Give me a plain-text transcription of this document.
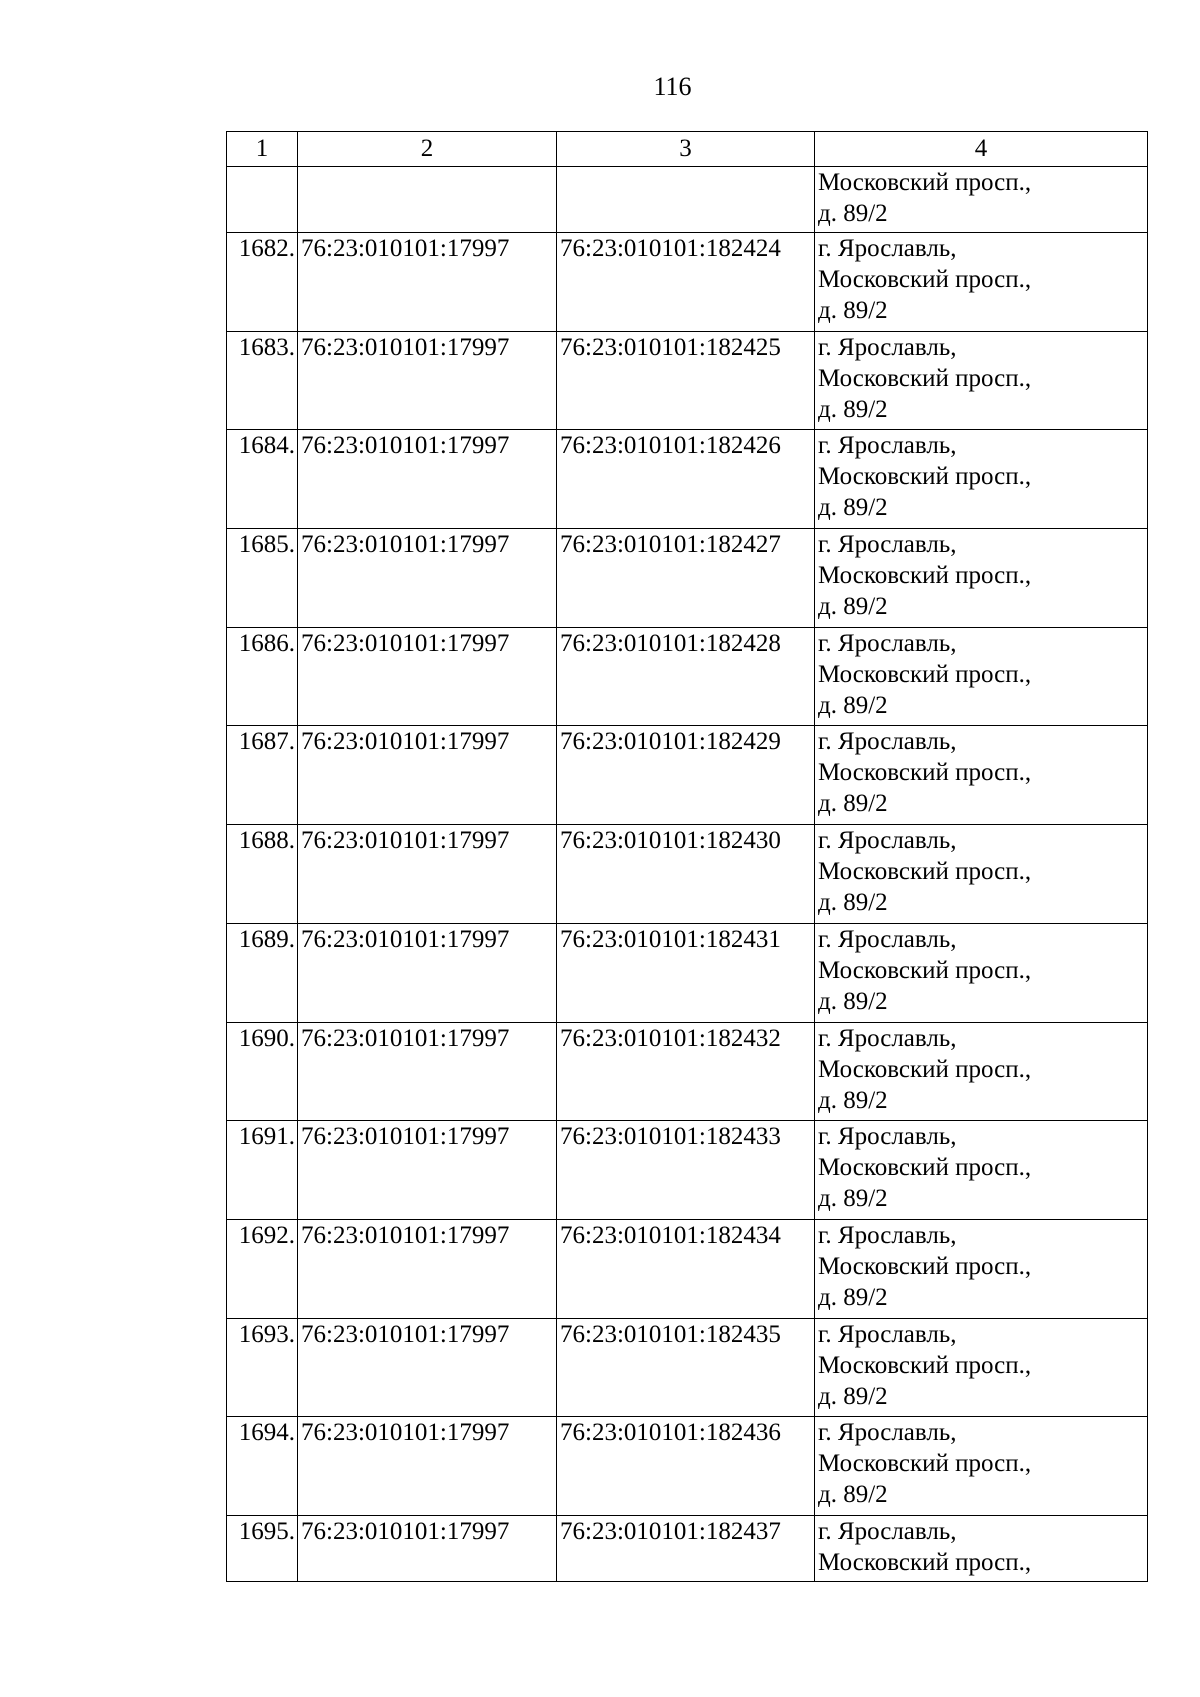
116
1	2	3	4

			Московский просп.,
д. 89/2

1682.	76:23:010101:17997	76:23:010101:182424	г. Ярославль,
Московский просп.,
д. 89/2

1683.	76:23:010101:17997	76:23:010101:182425	г. Ярославль,
Московский просп.,
д. 89/2

1684.	76:23:010101:17997	76:23:010101:182426	г. Ярославль,
Московский просп.,
д. 89/2

1685.	76:23:010101:17997	76:23:010101:182427	г. Ярославль,
Московский просп.,
д. 89/2

1686.	76:23:010101:17997	76:23:010101:182428	г. Ярославль,
Московский просп.,
д. 89/2

1687.	76:23:010101:17997	76:23:010101:182429	г. Ярославль,
Московский просп.,
д. 89/2

1688.	76:23:010101:17997	76:23:010101:182430	г. Ярославль,
Московский просп.,
д. 89/2

1689.	76:23:010101:17997	76:23:010101:182431	г. Ярославль,
Московский просп.,
д. 89/2

1690.	76:23:010101:17997	76:23:010101:182432	г. Ярославль,
Московский просп.,
д. 89/2

1691.	76:23:010101:17997	76:23:010101:182433	г. Ярославль,
Московский просп.,
д. 89/2

1692.	76:23:010101:17997	76:23:010101:182434	г. Ярославль,
Московский просп.,
д. 89/2

1693.	76:23:010101:17997	76:23:010101:182435	г. Ярославль,
Московский просп.,
д. 89/2

1694.	76:23:010101:17997	76:23:010101:182436	г. Ярославль,
Московский просп.,
д. 89/2

1695.	76:23:010101:17997	76:23:010101:182437	г. Ярославль,
Московский просп.,
